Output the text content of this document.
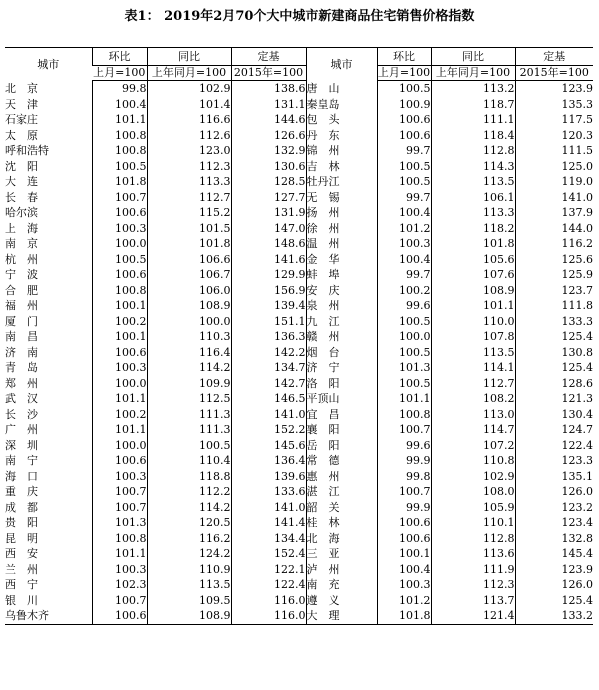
表1： 2019年2月70个大中城市新建商品住宅销售价格指数
城市	环比	同比	定基	城市	环比	同比	定基
	上月=100	上年同月=100	2015年=100		上月=100	上年同月=100	2015年=100
北　京	99.8	102.9	138.6	唐　山	100.5	113.2	123.9
天　津	100.4	101.4	131.1	秦皇岛	100.9	118.7	135.3
石家庄	101.1	116.6	144.6	包　头	100.6	111.1	117.5
太　原	100.8	112.6	126.6	丹　东	100.6	118.4	120.3
呼和浩特	100.8	123.0	132.9	锦　州	99.7	112.8	111.5
沈　阳	100.5	112.3	130.6	吉　林	100.5	114.3	125.0
大　连	101.8	113.3	128.5	牡丹江	100.5	113.5	119.0
长　春	100.7	112.7	127.7	无　锡	99.7	106.1	141.0
哈尔滨	100.6	115.2	131.9	扬　州	100.4	113.3	137.9
上　海	100.3	101.5	147.0	徐　州	101.2	118.2	144.0
南　京	100.0	101.8	148.6	温　州	100.3	101.8	116.2
杭　州	100.5	106.6	141.6	金　华	100.4	105.6	125.6
宁　波	100.6	106.7	129.9	蚌　埠	99.7	107.6	125.9
合　肥	100.8	106.0	156.9	安　庆	100.2	108.9	123.7
福　州	100.1	108.9	139.4	泉　州	99.6	101.1	111.8
厦　门	100.2	100.0	151.1	九　江	100.5	110.0	133.3
南　昌	100.1	110.3	136.3	赣　州	100.0	107.8	125.4
济　南	100.6	116.4	142.2	烟　台	100.5	113.5	130.8
青　岛	100.3	114.2	134.7	济　宁	101.3	114.1	125.4
郑　州	100.0	109.9	142.7	洛　阳	100.5	112.7	128.6
武　汉	101.1	112.5	146.5	平顶山	101.1	108.2	121.3
长　沙	100.2	111.3	141.0	宜　昌	100.8	113.0	130.4
广　州	101.1	111.3	152.2	襄　阳	100.7	114.7	124.7
深　圳	100.0	100.5	145.6	岳　阳	99.6	107.2	122.4
南　宁	100.6	110.4	136.4	常　德	99.9	110.8	123.3
海　口	100.3	118.8	139.6	惠　州	99.8	102.9	135.1
重　庆	100.7	112.2	133.6	湛　江	100.7	108.0	126.0
成　都	100.7	114.2	141.0	韶　关	99.9	105.9	123.2
贵　阳	101.3	120.5	141.4	桂　林	100.6	110.1	123.4
昆　明	100.8	116.2	134.4	北　海	100.6	112.8	132.8
西　安	101.1	124.2	152.4	三　亚	100.1	113.6	145.4
兰　州	100.3	110.9	122.1	泸　州	100.4	111.9	123.9
西　宁	102.3	113.5	122.4	南　充	100.3	112.3	126.0
银　川	100.7	109.5	116.0	遵　义	101.2	113.7	125.4
乌鲁木齐	100.6	108.9	116.0	大　理	101.8	121.4	133.2
